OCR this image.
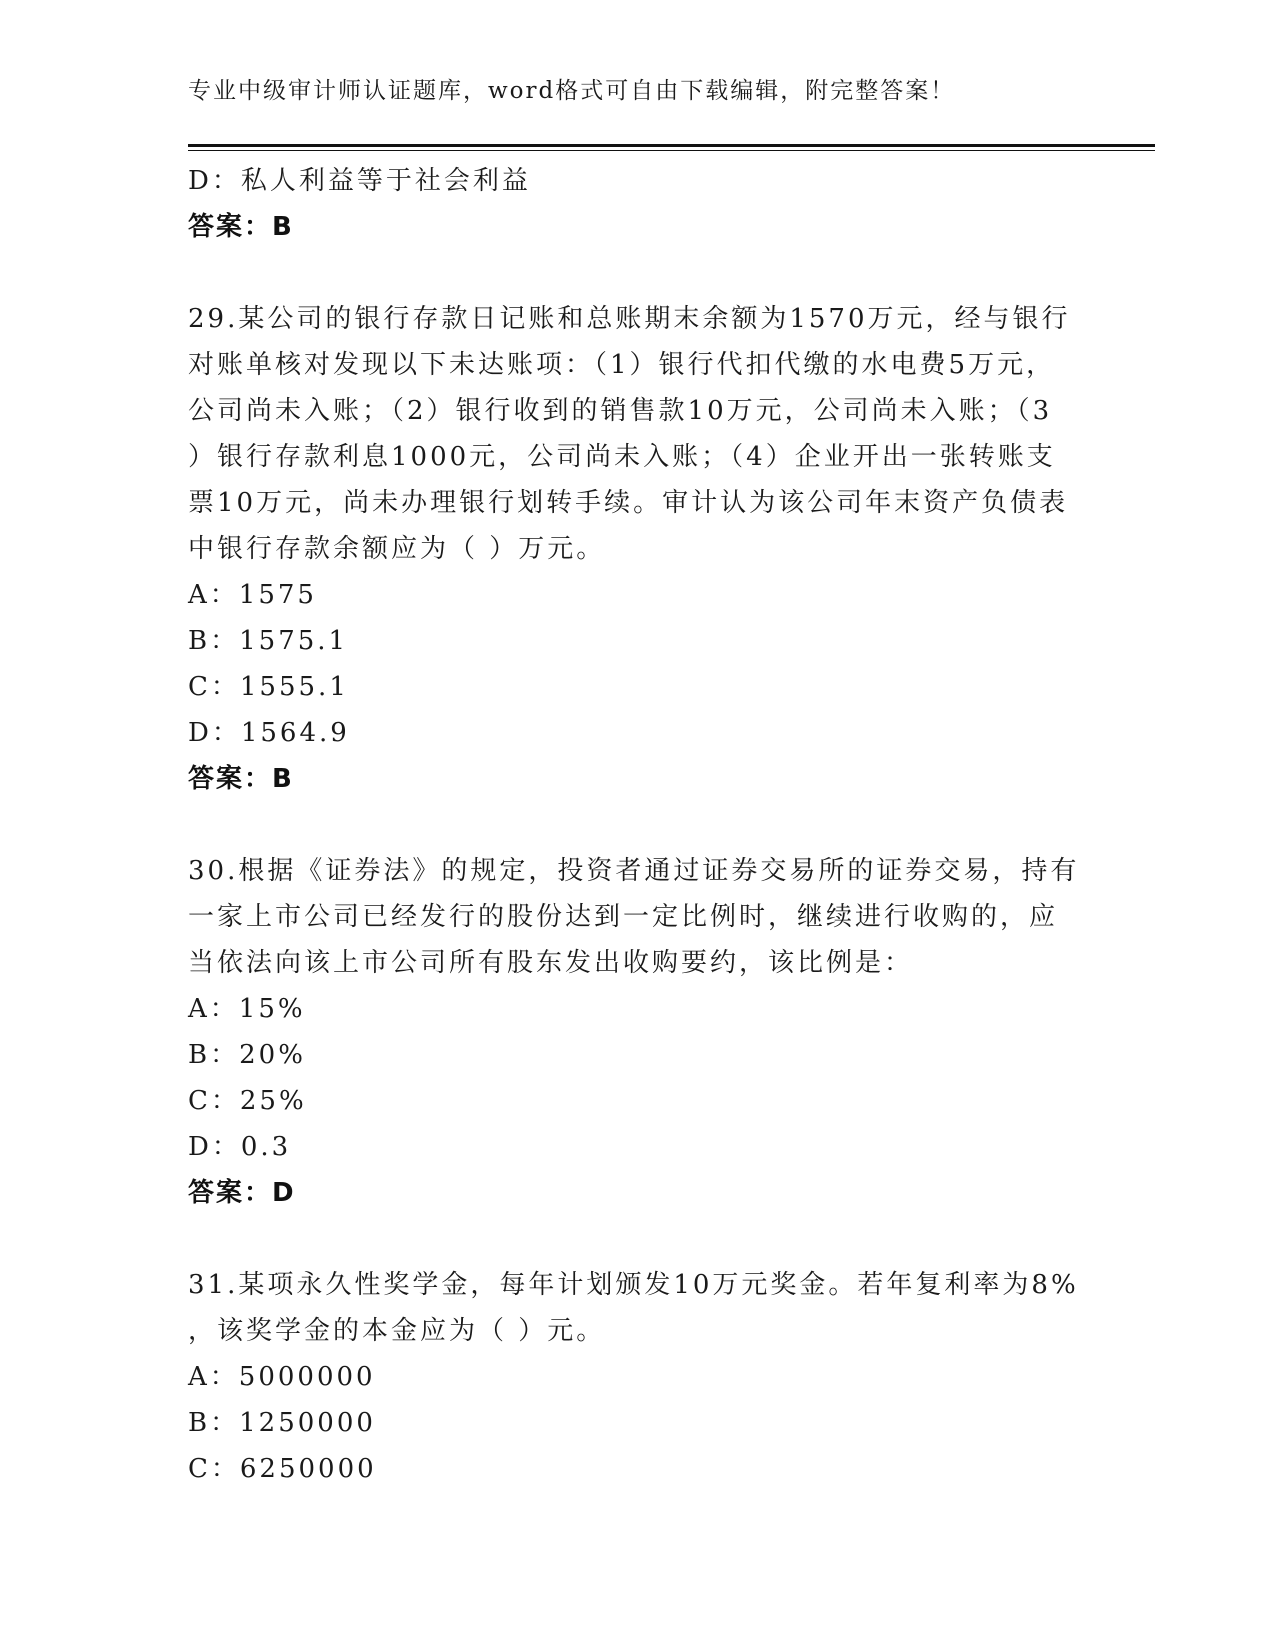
专业中级审计师认证题库，word格式可自由下载编辑，附完整答案！

D：私人利益等于社会利益

答案：B

29.某公司的银行存款日记账和总账期末余额为1570万元，经与银行

对账单核对发现以下未达账项：（1）银行代扣代缴的水电费5万元，

公司尚未入账；（2）银行收到的销售款10万元，公司尚未入账；（3

）银行存款利息1000元，公司尚未入账；（4）企业开出一张转账支

票10万元，尚未办理银行划转手续。审计认为该公司年末资产负债表

中银行存款余额应为（ ）万元。

A：1575

B：1575.1

C：1555.1

D：1564.9

答案：B

30.根据《证券法》的规定，投资者通过证券交易所的证券交易，持有

一家上市公司已经发行的股份达到一定比例时，继续进行收购的，应

当依法向该上市公司所有股东发出收购要约，该比例是：

A：15%

B：20%

C：25%

D：0.3

答案：D

31.某项永久性奖学金，每年计划颁发10万元奖金。若年复利率为8%

，该奖学金的本金应为（ ）元。

A：5000000

B：1250000

C：6250000
